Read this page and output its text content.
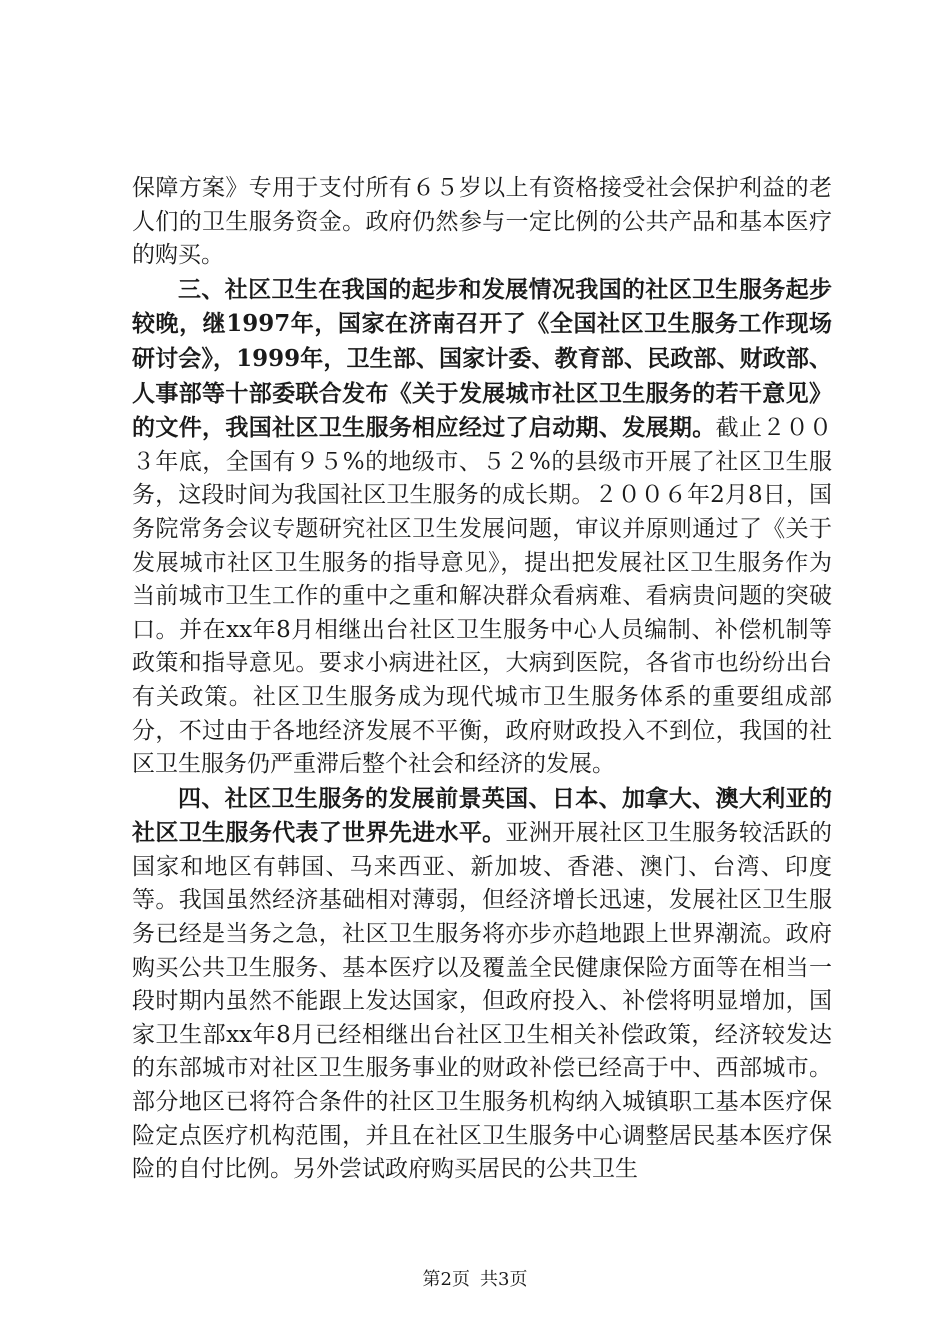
保障方案》专用于支付所有６５岁以上有资格接受社会保护利益的老人们的卫生服务资金。政府仍然参与一定比例的公共产品和基本医疗的购买。

三、社区卫生在我国的起步和发展情况我国的社区卫生服务起步较晚，继1997年，国家在济南召开了《全国社区卫生服务工作现场研讨会》，1999年，卫生部、国家计委、教育部、民政部、财政部、人事部等十部委联合发布《关于发展城市社区卫生服务的若干意见》的文件，我国社区卫生服务相应经过了启动期、发展期。截止２００３年底，全国有９５%的地级市、５２%的县级市开展了社区卫生服务，这段时间为我国社区卫生服务的成长期。２００６年2月8日，国务院常务会议专题研究社区卫生发展问题，审议并原则通过了《关于发展城市社区卫生服务的指导意见》，提出把发展社区卫生服务作为当前城市卫生工作的重中之重和解决群众看病难、看病贵问题的突破口。并在xx年8月相继出台社区卫生服务中心人员编制、补偿机制等政策和指导意见。要求小病进社区，大病到医院，各省市也纷纷出台有关政策。社区卫生服务成为现代城市卫生服务体系的重要组成部分，不过由于各地经济发展不平衡，政府财政投入不到位，我国的社区卫生服务仍严重滞后整个社会和经济的发展。

四、社区卫生服务的发展前景英国、日本、加拿大、澳大利亚的社区卫生服务代表了世界先进水平。亚洲开展社区卫生服务较活跃的国家和地区有韩国、马来西亚、新加坡、香港、澳门、台湾、印度等。我国虽然经济基础相对薄弱，但经济增长迅速，发展社区卫生服务已经是当务之急，社区卫生服务将亦步亦趋地跟上世界潮流。政府购买公共卫生服务、基本医疗以及覆盖全民健康保险方面等在相当一段时期内虽然不能跟上发达国家，但政府投入、补偿将明显增加，国家卫生部xx年8月已经相继出台社区卫生相关补偿政策，经济较发达的东部城市对社区卫生服务事业的财政补偿已经高于中、西部城市。部分地区已将符合条件的社区卫生服务机构纳入城镇职工基本医疗保险定点医疗机构范围，并且在社区卫生服务中心调整居民基本医疗保险的自付比例。另外尝试政府购买居民的公共卫生

第2页 共3页
